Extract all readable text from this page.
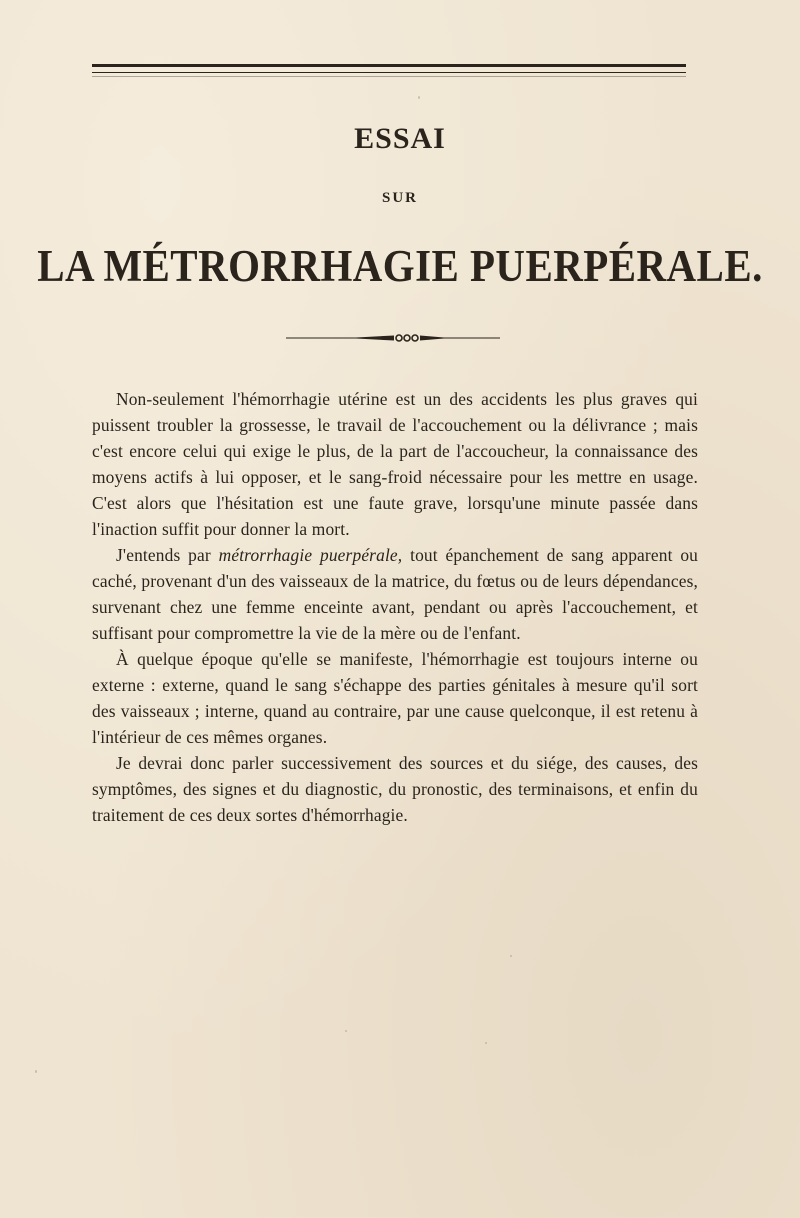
ESSAI
SUR
LA MÉTRORRHAGIE PUERPÉRALE.

Non-seulement l'hémorrhagie utérine est un des accidents les plus graves qui puissent troubler la grossesse, le travail de l'accouchement ou la délivrance ; mais c'est encore celui qui exige le plus, de la part de l'accoucheur, la connaissance des moyens actifs à lui opposer, et le sang-froid nécessaire pour les mettre en usage. C'est alors que l'hésitation est une faute grave, lorsqu'une minute passée dans l'inaction suffit pour donner la mort.

J'entends par métrorrhagie puerpérale, tout épanchement de sang apparent ou caché, provenant d'un des vaisseaux de la matrice, du fœtus ou de leurs dépendances, survenant chez une femme enceinte avant, pendant ou après l'accouchement, et suffisant pour compromettre la vie de la mère ou de l'enfant.

À quelque époque qu'elle se manifeste, l'hémorrhagie est toujours interne ou externe : externe, quand le sang s'échappe des parties génitales à mesure qu'il sort des vaisseaux ; interne, quand au contraire, par une cause quelconque, il est retenu à l'intérieur de ces mêmes organes.

Je devrai donc parler successivement des sources et du siége, des causes, des symptômes, des signes et du diagnostic, du pronostic, des terminaisons, et enfin du traitement de ces deux sortes d'hémorrhagie.
